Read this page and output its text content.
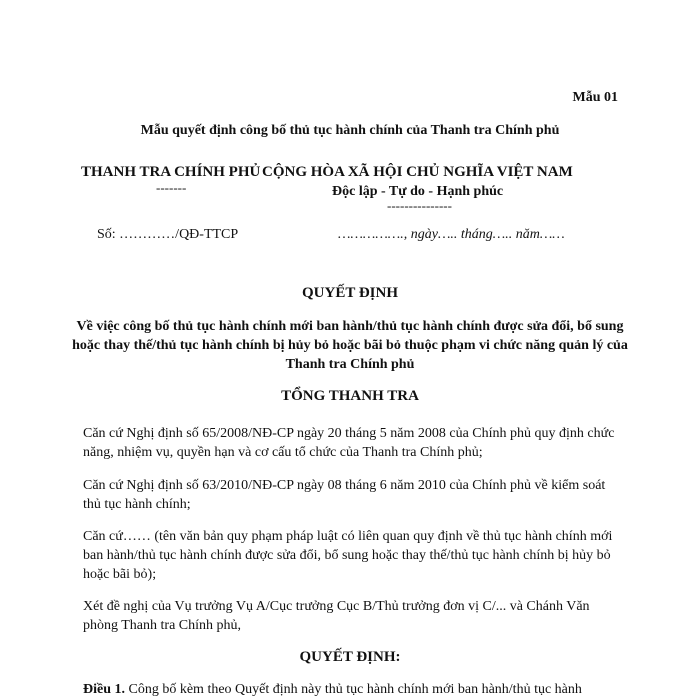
Mẫu 01
Mẫu quyết định công bố thủ tục hành chính của Thanh tra Chính phủ
THANH TRA CHÍNH PHỦ
-------
CỘNG HÒA XÃ HỘI CHỦ NGHĨA VIỆT NAM
Độc lập - Tự do - Hạnh phúc
---------------
Số: …………/QĐ-TTCP	……………., ngày….. tháng….. năm……
QUYẾT ĐỊNH
Về việc công bố thủ tục hành chính mới ban hành/thủ tục hành chính được sửa đổi, bổ sung hoặc thay thế/thủ tục hành chính bị hủy bỏ hoặc bãi bỏ thuộc phạm vi chức năng quản lý của Thanh tra Chính phủ
TỔNG THANH TRA
Căn cứ Nghị định số 65/2008/NĐ-CP ngày 20 tháng 5 năm 2008 của Chính phủ quy định chức năng, nhiệm vụ, quyền hạn và cơ cấu tổ chức của Thanh tra Chính phủ;
Căn cứ Nghị định số 63/2010/NĐ-CP ngày 08 tháng 6 năm 2010 của Chính phủ về kiểm soát thủ tục hành chính;
Căn cứ…… (tên văn bản quy phạm pháp luật có liên quan quy định về thủ tục hành chính mới ban hành/thủ tục hành chính được sửa đổi, bổ sung hoặc thay thế/thủ tục hành chính bị hủy bỏ hoặc bãi bỏ);
Xét đề nghị của Vụ trưởng Vụ A/Cục trưởng Cục B/Thủ trưởng đơn vị C/... và Chánh Văn phòng Thanh tra Chính phủ,
QUYẾT ĐỊNH:
Điều 1. Công bố kèm theo Quyết định này thủ tục hành chính mới ban hành/thủ tục hành
